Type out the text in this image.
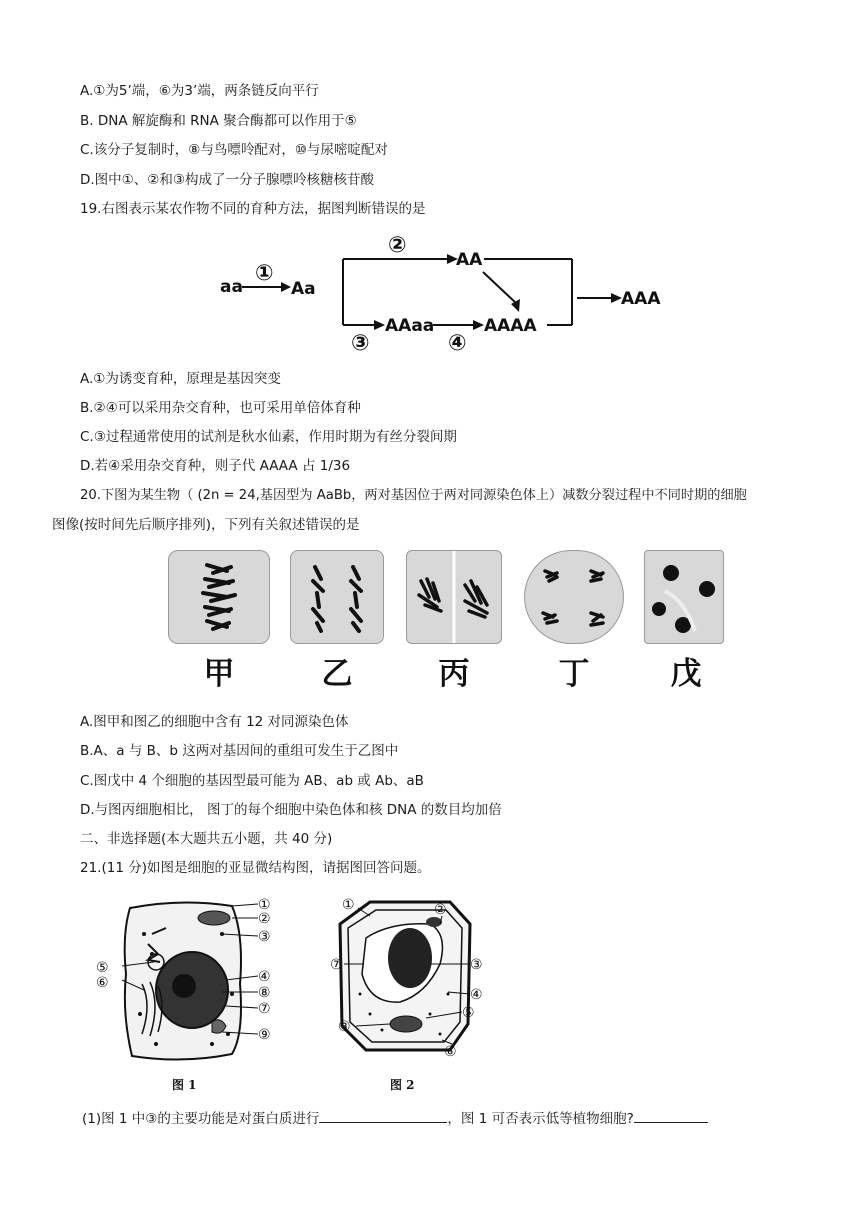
A.①为5’端，⑥为3’端，两条链反向平行
B. DNA 解旋酶和 RNA 聚合酶都可以作用于⑤
C.该分子复制时，⑧与鸟嘌呤配对，⑩与尿嘧啶配对
D.图中①、②和③构成了一分子腺嘌呤核糖核苷酸
19.右图表示某农作物不同的育种方法，据图判断错误的是
aa
①
Aa
②
AA
AAaa
③	④
AAAA
AAA
A.①为诱变育种，原理是基因突变
B.②④可以采用杂交育种，也可采用单倍体育种
C.③过程通常使用的试剂是秋水仙素，作用时期为有丝分裂间期
D.若④采用杂交育种，则子代 AAAA 占 1/36
20.下图为某生物（ (2n = 24,基因型为 AaBb，两对基因位于两对同源染色体上）减数分裂过程中不同时期的细胞
图像(按时间先后顺序排列)，下列有关叙述错误的是
甲	乙	丙	丁	戊
A.图甲和图乙的细胞中含有 12 对同源染色体
B.A、a 与 B、b 这两对基因间的重组可发生于乙图中
C.图戊中 4 个细胞的基因型最可能为 AB、ab 或 Ab、aB
D.与图丙细胞相比， 图丁的每个细胞中染色体和核 DNA 的数目均加倍
二、非选择题(本大题共五小题，共 40 分)
21.(11 分)如图是细胞的亚显微结构图，请据图回答问题。
①
②
③
④
⑧
⑦
⑨
⑤
⑥
图 1
①	②
③
④
⑤
⑥
⑦
⑧
图 2
(1)图 1 中③的主要功能是对蛋白质进行	，图 1 可否表示低等植物细胞?
